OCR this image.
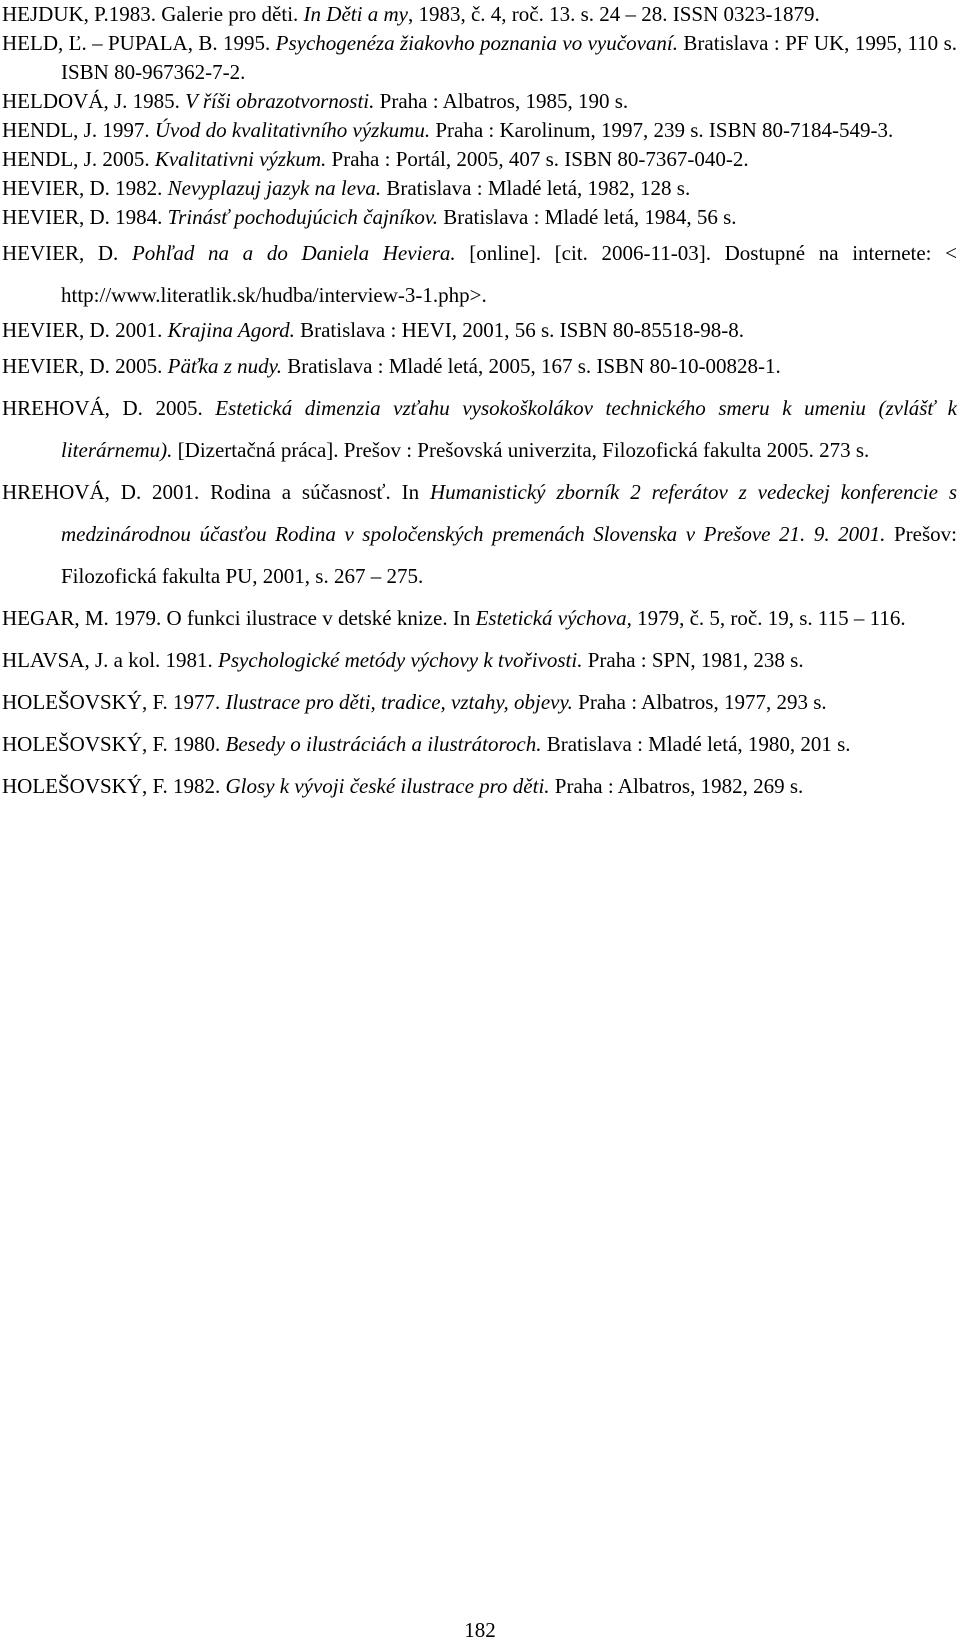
HEJDUK, P.1983. Galerie pro děti. In Děti a my, 1983, č. 4, roč. 13. s. 24 – 28. ISSN 0323-1879.
HELD, Ľ. – PUPALA, B. 1995. Psychogenéza žiakovho poznania vo vyučovaní. Bratislava : PF UK, 1995, 110 s. ISBN 80-967362-7-2.
HELDOVÁ, J. 1985. V říši obrazotvornosti. Praha : Albatros, 1985, 190 s.
HENDL, J. 1997. Úvod do kvalitativního výzkumu. Praha : Karolinum, 1997, 239 s. ISBN 80-7184-549-3.
HENDL, J. 2005. Kvalitativni výzkum. Praha : Portál, 2005, 407 s. ISBN 80-7367-040-2.
HEVIER, D. 1982. Nevyplazuj jazyk na leva. Bratislava : Mladé letá, 1982, 128 s.
HEVIER, D. 1984. Trinásť pochodujúcich čajníkov. Bratislava : Mladé letá, 1984, 56 s.
HEVIER, D. Pohľad na a do Daniela Heviera. [online]. [cit. 2006-11-03]. Dostupné na internete: < http://www.literatlik.sk/hudba/interview-3-1.php>.
HEVIER, D. 2001. Krajina Agord. Bratislava : HEVI, 2001, 56 s. ISBN 80-85518-98-8.
HEVIER, D. 2005. Päťka z nudy. Bratislava : Mladé letá, 2005, 167 s. ISBN 80-10-00828-1.
HREHOVÁ, D. 2005. Estetická dimenzia vzťahu vysokoškolákov technického smeru k umeniu (zvlášť k literárnemu). [Dizertačná práca]. Prešov : Prešovská univerzita, Filozofická fakulta 2005. 273 s.
HREHOVÁ, D. 2001. Rodina a súčasnosť. In Humanistický zborník 2 referátov z vedeckej konferencie s medzinárodnou účasťou Rodina v spoločenských premenách Slovenska v Prešove 21. 9. 2001. Prešov: Filozofická fakulta PU, 2001, s. 267 – 275.
HEGAR, M. 1979. O funkci ilustrace v detské knize. In Estetická výchova, 1979, č. 5, roč. 19, s. 115 – 116.
HLAVSA, J. a kol. 1981. Psychologické metódy výchovy k tvořivosti. Praha : SPN, 1981, 238 s.
HOLEŠOVSKÝ, F. 1977. Ilustrace pro děti, tradice, vztahy, objevy. Praha : Albatros, 1977, 293 s.
HOLEŠOVSKÝ, F. 1980. Besedy o ilustráciách a ilustrátoroch. Bratislava : Mladé letá, 1980, 201 s.
HOLEŠOVSKÝ, F. 1982. Glosy k vývoji české ilustrace pro děti. Praha : Albatros, 1982, 269 s.
182
